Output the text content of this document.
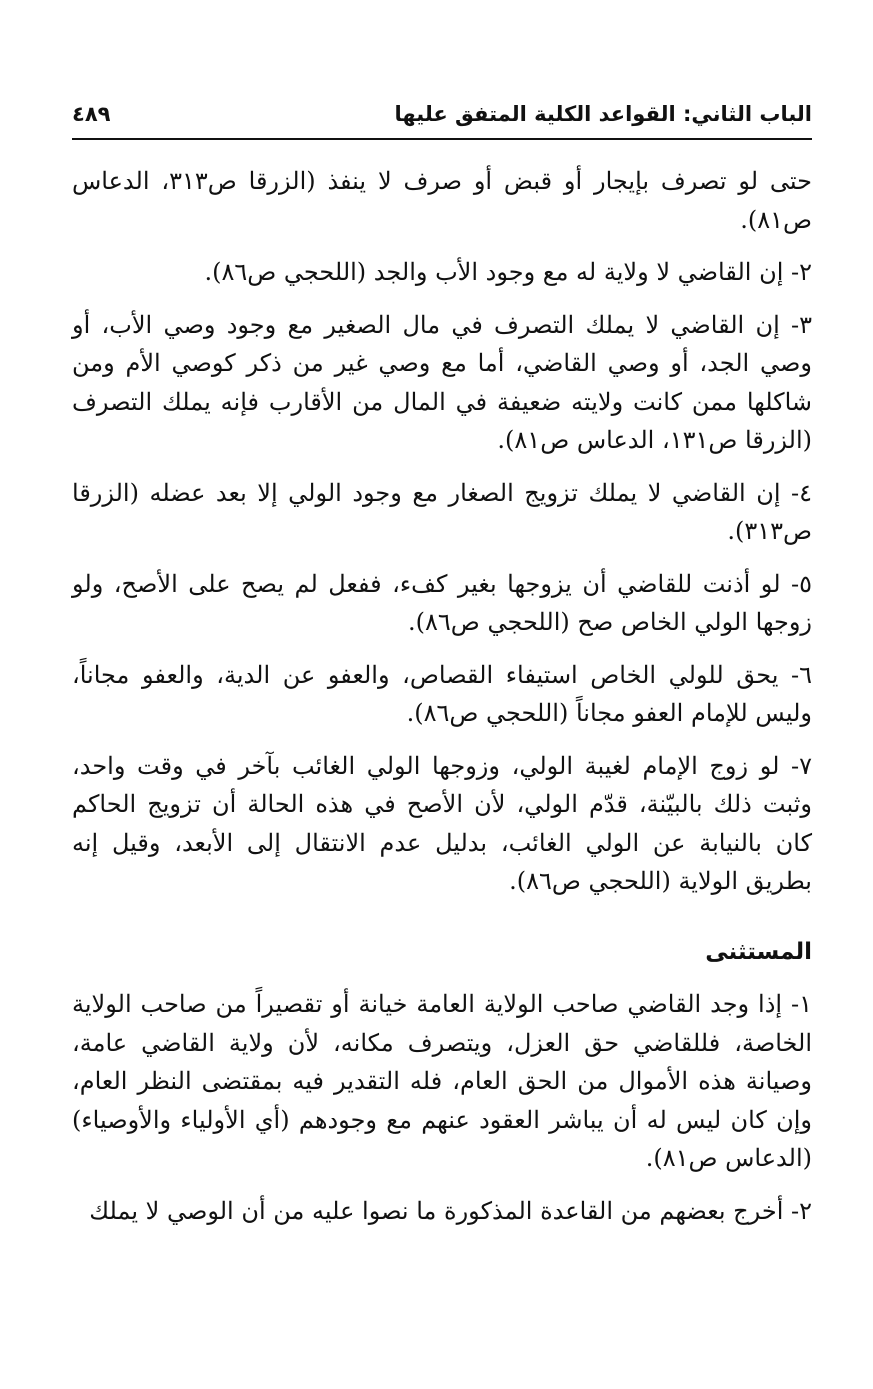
الباب الثاني: القواعد الكلية المتفق عليها
٤٨٩

حتى لو تصرف بإيجار أو قبض أو صرف لا ينفذ (الزرقا ص٣١٣، الدعاس ص٨١).

٢- إن القاضي لا ولاية له مع وجود الأب والجد (اللحجي ص٨٦).

٣- إن القاضي لا يملك التصرف في مال الصغير مع وجود وصي الأب، أو وصي الجد، أو وصي القاضي، أما مع وصي غير من ذكر كوصي الأم ومن شاكلها ممن كانت ولايته ضعيفة في المال من الأقارب فإنه يملك التصرف (الزرقا ص١٣١، الدعاس ص٨١).

٤- إن القاضي لا يملك تزويج الصغار مع وجود الولي إلا بعد عضله (الزرقا ص٣١٣).

٥- لو أذنت للقاضي أن يزوجها بغير كفء، ففعل لم يصح على الأصح، ولو زوجها الولي الخاص صح (اللحجي ص٨٦).

٦- يحق للولي الخاص استيفاء القصاص، والعفو عن الدية، والعفو مجاناً، وليس للإمام العفو مجاناً (اللحجي ص٨٦).

٧- لو زوج الإمام لغيبة الولي، وزوجها الولي الغائب بآخر في وقت واحد، وثبت ذلك بالبيّنة، قدّم الولي، لأن الأصح في هذه الحالة أن تزويج الحاكم كان بالنيابة عن الولي الغائب، بدليل عدم الانتقال إلى الأبعد، وقيل إنه بطريق الولاية (اللحجي ص٨٦).

المستثنى

١- إذا وجد القاضي صاحب الولاية العامة خيانة أو تقصيراً من صاحب الولاية الخاصة، فللقاضي حق العزل، ويتصرف مكانه، لأن ولاية القاضي عامة، وصيانة هذه الأموال من الحق العام، فله التقدير فيه بمقتضى النظر العام، وإن كان ليس له أن يباشر العقود عنهم مع وجودهم (أي الأولياء والأوصياء) (الدعاس ص٨١).

٢- أخرج بعضهم من القاعدة المذكورة ما نصوا عليه من أن الوصي لا يملك
